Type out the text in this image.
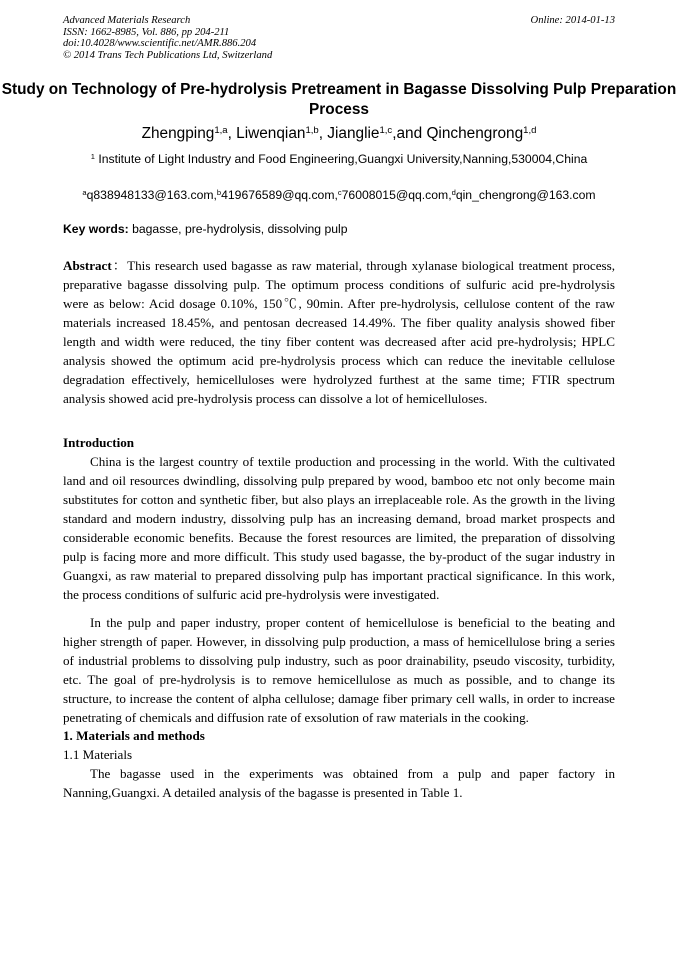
Advanced Materials Research
ISSN: 1662-8985, Vol. 886, pp 204-211
doi:10.4028/www.scientific.net/AMR.886.204
© 2014 Trans Tech Publications Ltd, Switzerland
Online: 2014-01-13
Study on Technology of Pre-hydrolysis Pretreament in Bagasse Dissolving Pulp Preparation Process
Zhengping$^{1,a}$, Liwenqian$^{1,b}$, Jianglie$^{1,c}$,and Qinchengrong$^{1,d}$
$^1$ Institute of Light Industry and Food Engineering,Guangxi University,Nanning,530004,China
$^a$q838948133@163.com,$^b$419676589@qq.com,$^c$76008015@qq.com,$^d$qin_chengrong@163.com
Key words: bagasse, pre-hydrolysis, dissolving pulp
Abstract：This research used bagasse as raw material, through xylanase biological treatment process, preparative bagasse dissolving pulp. The optimum process conditions of sulfuric acid pre-hydrolysis were as below: Acid dosage 0.10%, 150℃, 90min. After pre-hydrolysis, cellulose content of the raw materials increased 18.45%, and pentosan decreased 14.49%. The fiber quality analysis showed fiber length and width were reduced, the tiny fiber content was decreased after acid pre-hydrolysis; HPLC analysis showed the optimum acid pre-hydrolysis process which can reduce the inevitable cellulose degradation effectively, hemicelluloses were hydrolyzed furthest at the same time; FTIR spectrum analysis showed acid pre-hydrolysis process can dissolve a lot of hemicelluloses.
Introduction
China is the largest country of textile production and processing in the world. With the cultivated land and oil resources dwindling, dissolving pulp prepared by wood, bamboo etc not only become main substitutes for cotton and synthetic fiber, but also plays an irreplaceable role. As the growth in the living standard and modern industry, dissolving pulp has an increasing demand, broad market prospects and considerable economic benefits. Because the forest resources are limited, the preparation of dissolving pulp is facing more and more difficult. This study used bagasse, the by-product of the sugar industry in Guangxi, as raw material to prepared dissolving pulp has important practical significance. In this work, the process conditions of sulfuric acid pre-hydrolysis were investigated.
In the pulp and paper industry, proper content of hemicellulose is beneficial to the beating and higher strength of paper. However, in dissolving pulp production, a mass of hemicellulose bring a series of industrial problems to dissolving pulp industry, such as poor drainability, pseudo viscosity, turbidity, etc. The goal of pre-hydrolysis is to remove hemicellulose as much as possible, and to change its structure, to increase the content of alpha cellulose; damage fiber primary cell walls, in order to increase penetrating of chemicals and diffusion rate of exsolution of raw materials in the cooking.
1. Materials and methods
1.1 Materials
The bagasse used in the experiments was obtained from a pulp and paper factory in Nanning,Guangxi. A detailed analysis of the bagasse is presented in Table 1.
